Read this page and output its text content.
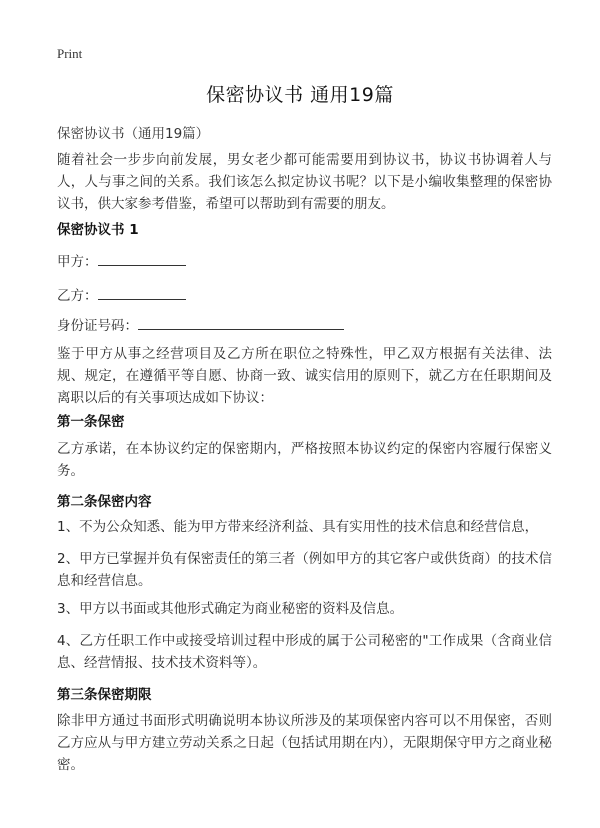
Print
保密协议书 通用19篇
保密协议书（通用19篇）
随着社会一步步向前发展，男女老少都可能需要用到协议书，协议书协调着人与人，人与事之间的关系。我们该怎么拟定协议书呢？以下是小编收集整理的保密协议书，供大家参考借鉴，希望可以帮助到有需要的朋友。
保密协议书 1
甲方：
乙方：
身份证号码：
鉴于甲方从事之经营项目及乙方所在职位之特殊性，甲乙双方根据有关法律、法规、规定，在遵循平等自愿、协商一致、诚实信用的原则下，就乙方在任职期间及离职以后的有关事项达成如下协议：
第一条保密
乙方承诺，在本协议约定的保密期内，严格按照本协议约定的保密内容履行保密义务。
第二条保密内容
1、不为公众知悉、能为甲方带来经济利益、具有实用性的技术信息和经营信息，
2、甲方已掌握并负有保密责任的第三者（例如甲方的其它客户或供货商）的技术信息和经营信息。
3、甲方以书面或其他形式确定为商业秘密的资料及信息。
4、乙方任职工作中或接受培训过程中形成的属于公司秘密的"工作成果（含商业信息、经营情报、技术技术资料等）。
第三条保密期限
除非甲方通过书面形式明确说明本协议所涉及的某项保密内容可以不用保密，否则乙方应从与甲方建立劳动关系之日起（包括试用期在内），无限期保守甲方之商业秘密。
